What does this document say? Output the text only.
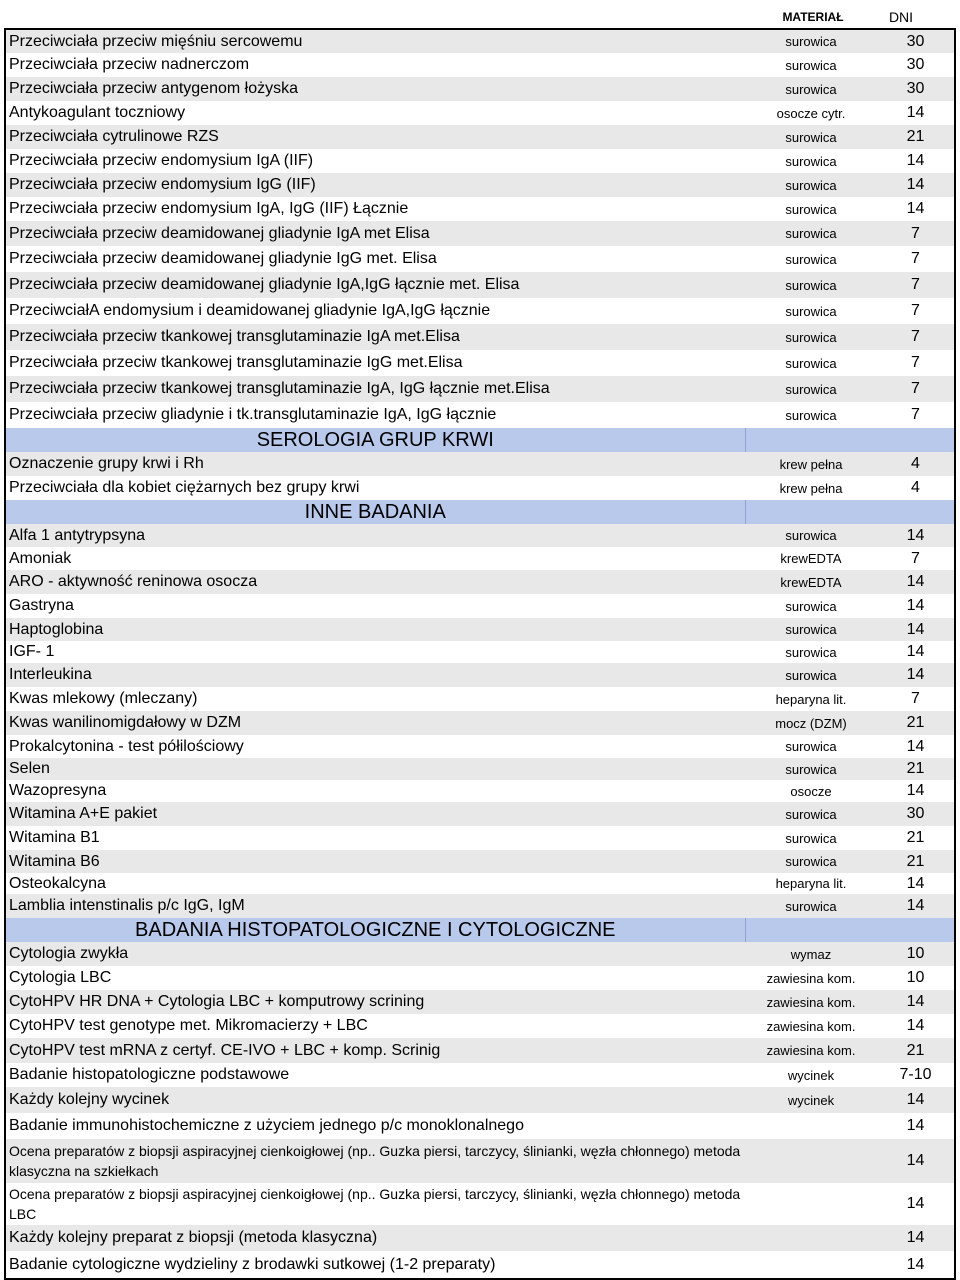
MATERIAŁ	DNI
Przeciwciała przeciw mięśniu sercowemu	surowica	30
Przeciwciała przeciw nadnerczom	surowica	30
Przeciwciała przeciw antygenom łożyska	surowica	30
Antykoagulant toczniowy	osocze cytr.	14
Przeciwciała cytrulinowe RZS	surowica	21
Przeciwciała przeciw endomysium IgA (IIF)	surowica	14
Przeciwciała przeciw endomysium IgG (IIF)	surowica	14
Przeciwciała przeciw endomysium IgA, IgG (IIF) Łącznie	surowica	14
Przeciwciała przeciw deamidowanej gliadynie IgA met Elisa	surowica	7
Przeciwciała przeciw deamidowanej gliadynie IgG met. Elisa	surowica	7
Przeciwciała przeciw deamidowanej gliadynie IgA,IgG łącznie met. Elisa	surowica	7
PrzeciwciałA endomysium i deamidowanej gliadynie IgA,IgG łącznie	surowica	7
Przeciwciała przeciw tkankowej transglutaminazie IgA met.Elisa	surowica	7
Przeciwciała przeciw tkankowej transglutaminazie IgG met.Elisa	surowica	7
Przeciwciała przeciw tkankowej transglutaminazie IgA, IgG łącznie met.Elisa	surowica	7
Przeciwciała przeciw gliadynie i tk.transglutaminazie IgA, IgG łącznie	surowica	7
SEROLOGIA GRUP KRWI		
Oznaczenie grupy krwi i Rh	krew pełna	4
Przeciwciała dla kobiet ciężarnych bez grupy krwi	krew pełna	4
INNE BADANIA		
Alfa 1 antytrypsyna	surowica	14
Amoniak	krewEDTA	7
ARO - aktywność reninowa osocza	krewEDTA	14
Gastryna	surowica	14
Haptoglobina	surowica	14
IGF- 1	surowica	14
Interleukina	surowica	14
Kwas mlekowy (mleczany)	heparyna lit.	7
Kwas wanilinomigdałowy w DZM	mocz (DZM)	21
Prokalcytonina - test półilościowy	surowica	14
Selen	surowica	21
Wazopresyna	osocze	14
Witamina A+E pakiet	surowica	30
Witamina B1	surowica	21
Witamina B6	surowica	21
Osteokalcyna	heparyna lit.	14
Lamblia intenstinalis p/c IgG, IgM	surowica	14
BADANIA HISTOPATOLOGICZNE I CYTOLOGICZNE		
Cytologia zwykła	wymaz	10
Cytologia LBC	zawiesina kom.	10
CytoHPV HR DNA + Cytologia LBC + komputrowy scrining	zawiesina kom.	14
CytoHPV test genotype met. Mikromacierzy + LBC	zawiesina kom.	14
CytoHPV test mRNA z certyf. CE-IVO + LBC + komp. Scrinig	zawiesina kom.	21
Badanie histopatologiczne podstawowe	wycinek	7-10
Każdy kolejny wycinek	wycinek	14
Badanie immunohistochemiczne z użyciem jednego p/c monoklonalnego		14
Ocena preparatów z biopsji aspiracyjnej cienkoigłowej (np.. Guzka piersi, tarczycy, ślinianki, węzła chłonnego) metoda klasyczna na szkiełkach		14
Ocena preparatów z biopsji aspiracyjnej cienkoigłowej (np.. Guzka piersi, tarczycy, ślinianki, węzła chłonnego) metoda LBC		14
Każdy kolejny preparat z biopsji (metoda klasyczna)		14
Badanie cytologiczne wydzieliny z brodawki sutkowej (1-2 preparaty)		14
